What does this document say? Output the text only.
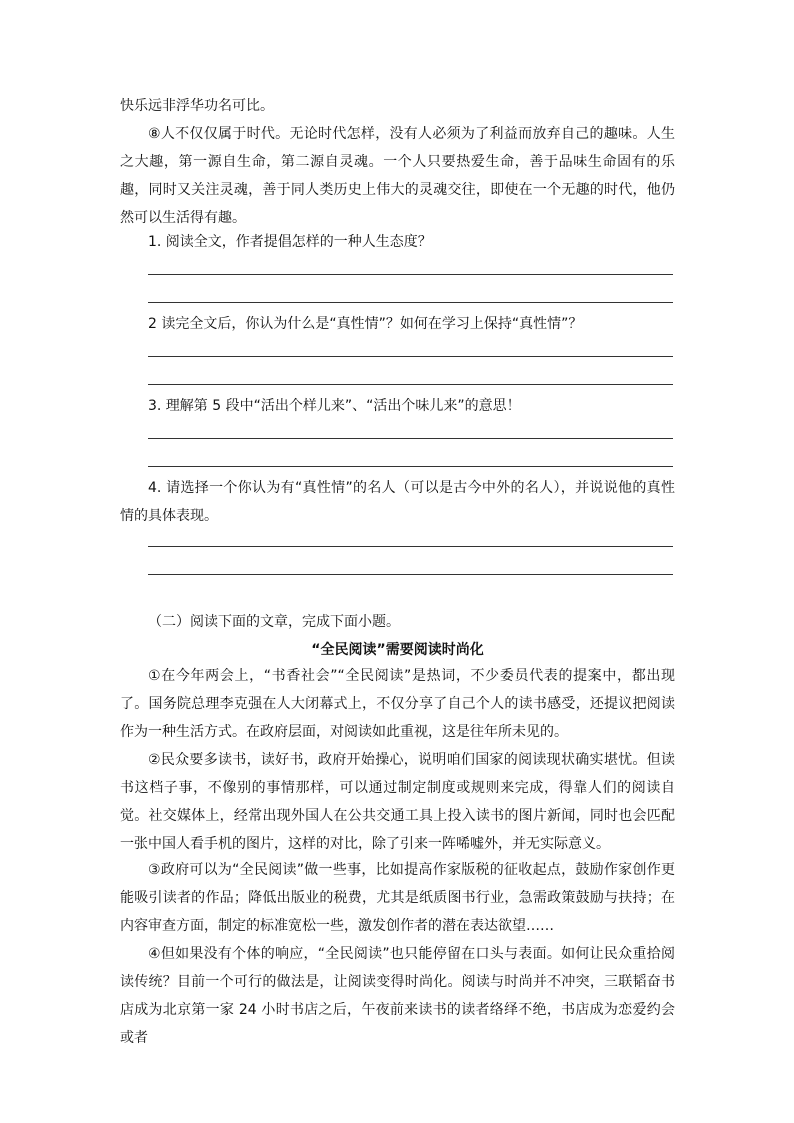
快乐远非浮华功名可比。

⑧人不仅仅属于时代。无论时代怎样，没有人必须为了利益而放弃自己的趣味。人生之大趣，第一源自生命，第二源自灵魂。一个人只要热爱生命，善于品味生命固有的乐趣，同时又关注灵魂，善于同人类历史上伟大的灵魂交往，即使在一个无趣的时代，他仍然可以生活得有趣。

1. 阅读全文，作者提倡怎样的一种人生态度？

2 读完全文后，你认为什么是“真性情”？如何在学习上保持“真性情”？

3. 理解第 5 段中“活出个样儿来”、“活出个味儿来”的意思！

4. 请选择一个你认为有“真性情”的名人（可以是古今中外的名人），并说说他的真性情的具体表现。

（二）阅读下面的文章，完成下面小题。

“全民阅读”需要阅读时尚化

①在今年两会上，“书香社会”“全民阅读”是热词，不少委员代表的提案中，都出现了。国务院总理李克强在人大闭幕式上，不仅分享了自己个人的读书感受，还提议把阅读作为一种生活方式。在政府层面，对阅读如此重视，这是往年所未见的。

②民众要多读书，读好书，政府开始操心，说明咱们国家的阅读现状确实堪忧。但读书这档子事，不像别的事情那样，可以通过制定制度或规则来完成，得靠人们的阅读自觉。社交媒体上，经常出现外国人在公共交通工具上投入读书的图片新闻，同时也会匹配一张中国人看手机的图片，这样的对比，除了引来一阵唏嘘外，并无实际意义。

③政府可以为“全民阅读”做一些事，比如提高作家版税的征收起点，鼓励作家创作更能吸引读者的作品；降低出版业的税费，尤其是纸质图书行业，急需政策鼓励与扶持；在内容审查方面，制定的标准宽松一些，激发创作者的潜在表达欲望……

④但如果没有个体的响应，“全民阅读”也只能停留在口头与表面。如何让民众重拾阅读传统？目前一个可行的做法是，让阅读变得时尚化。阅读与时尚并不冲突，三联韬奋书店成为北京第一家 24 小时书店之后，午夜前来读书的读者络绎不绝，书店成为恋爱约会或者
